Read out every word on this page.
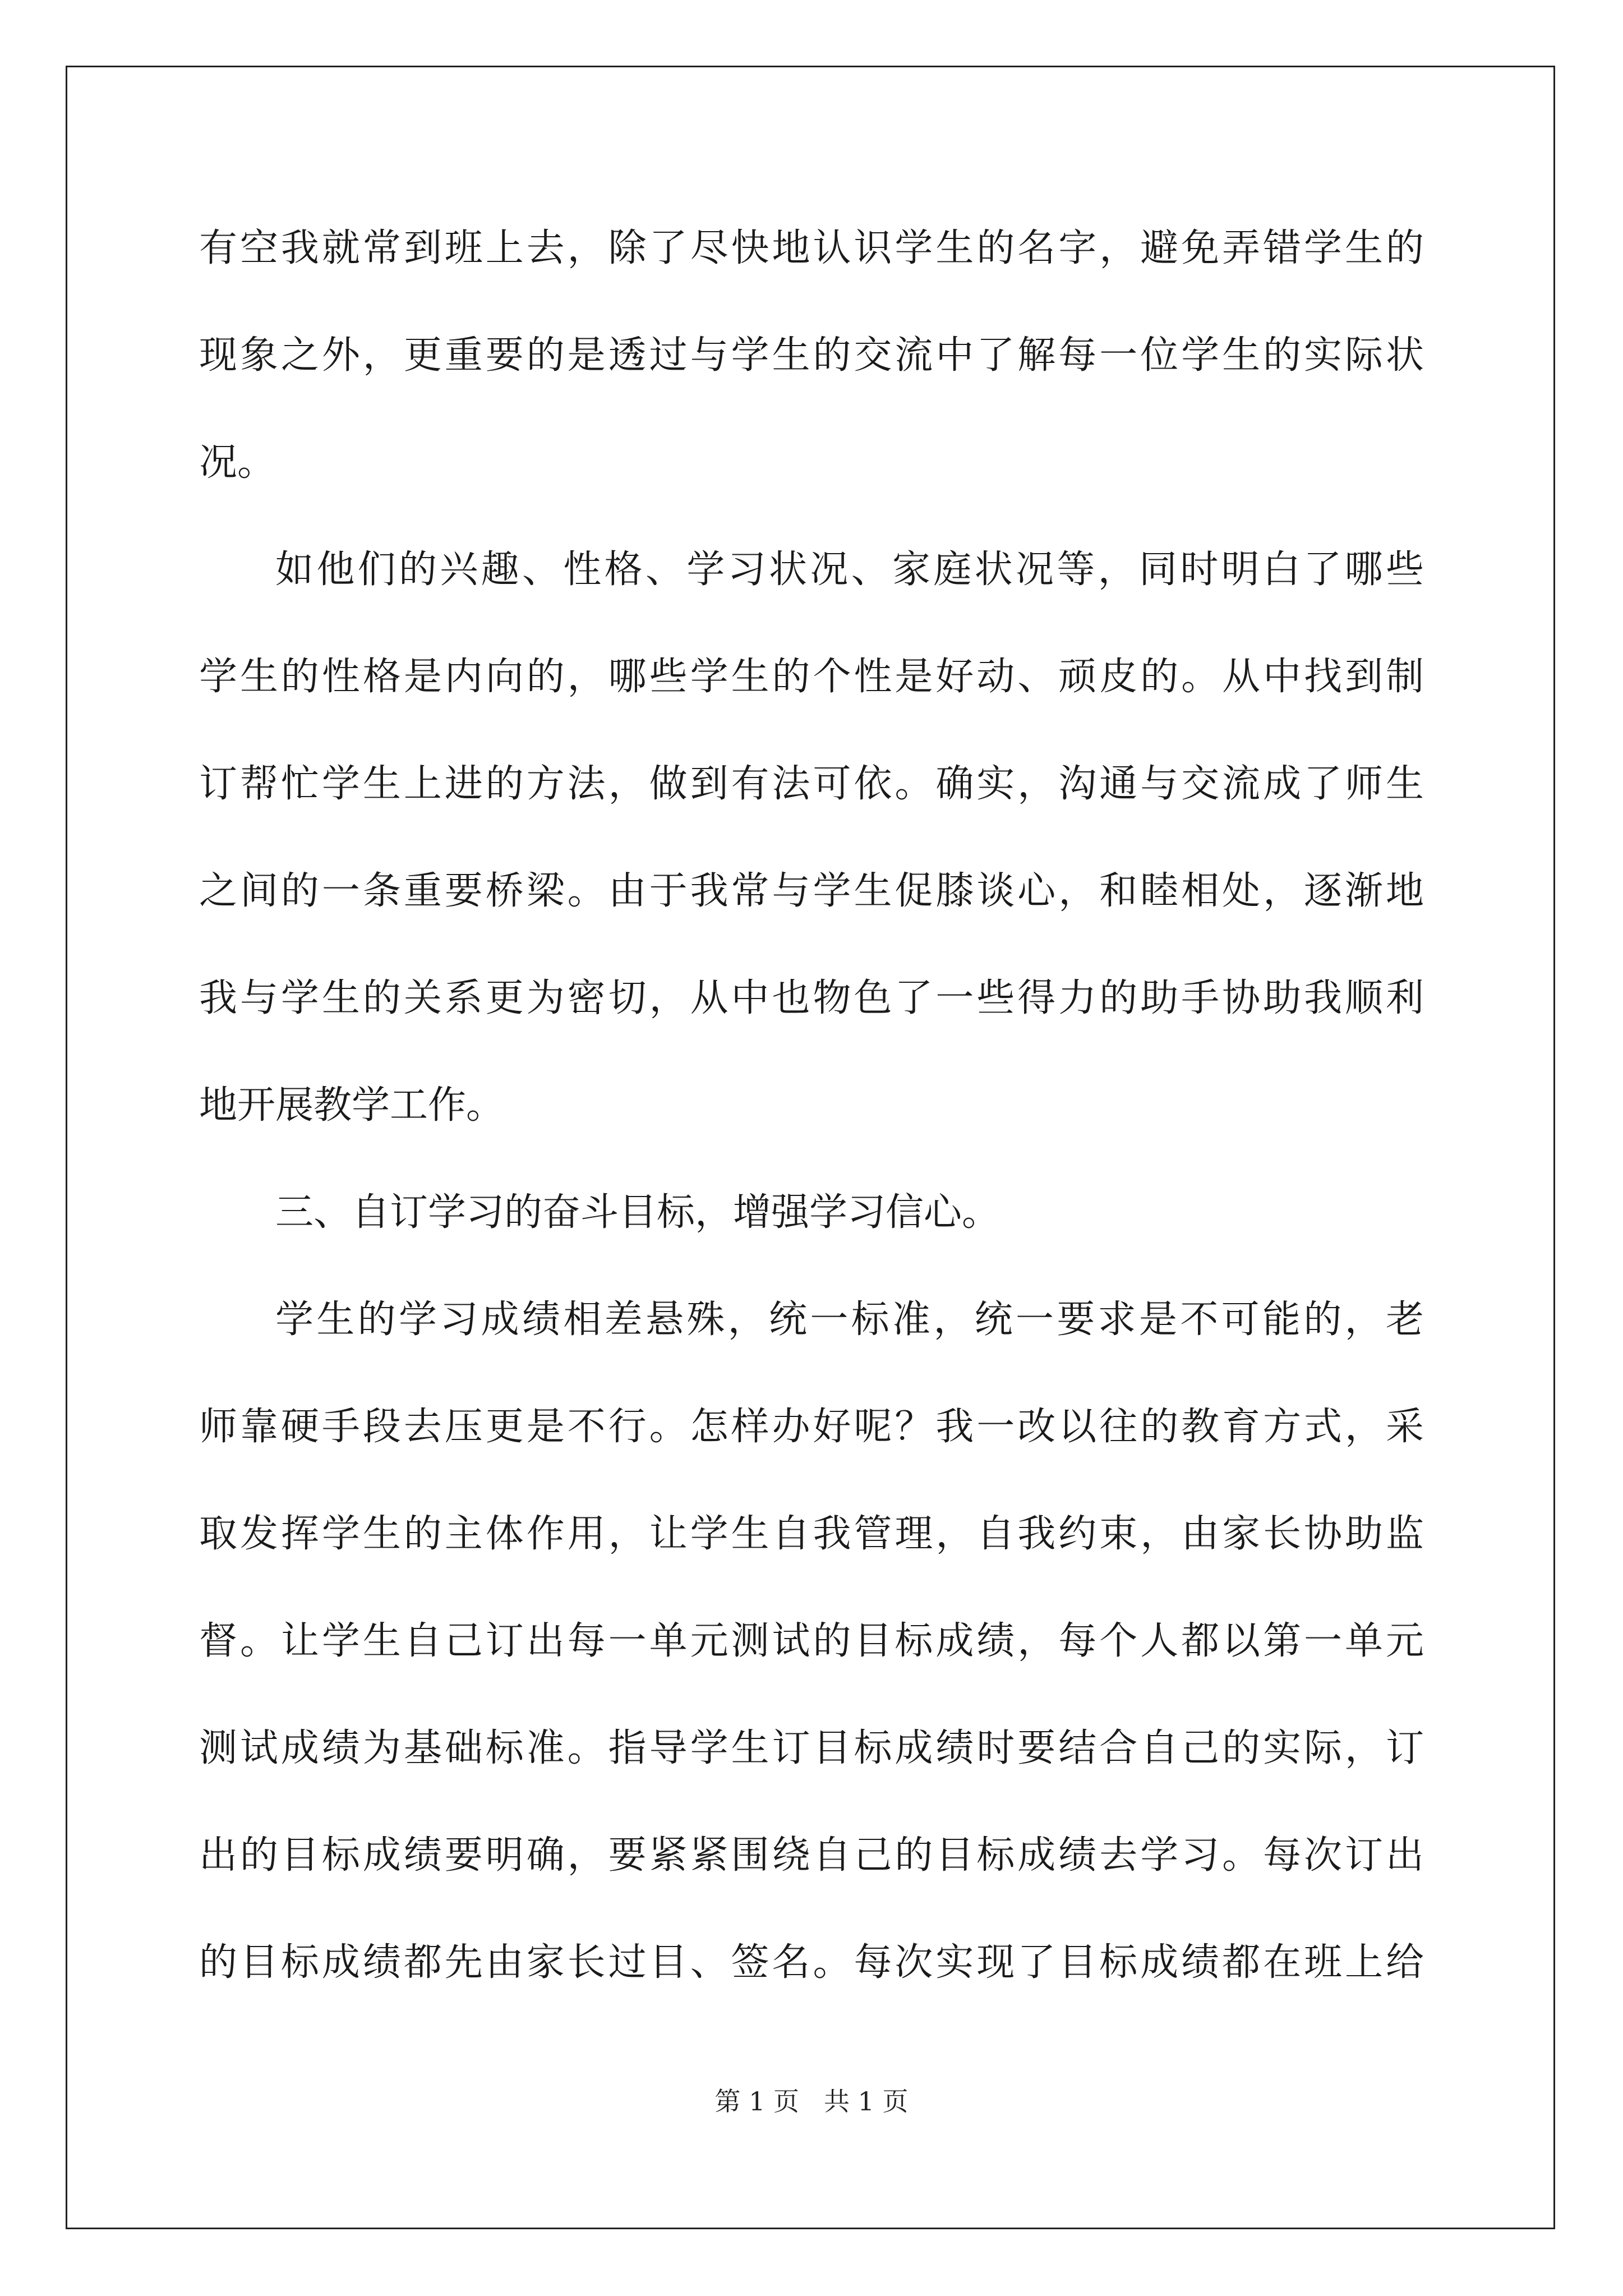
有空我就常到班上去，除了尽快地认识学生的名字，避免弄错学生的
现象之外，更重要的是透过与学生的交流中了解每一位学生的实际状
况。
如他们的兴趣、性格、学习状况、家庭状况等，同时明白了哪些
学生的性格是内向的，哪些学生的个性是好动、顽皮的。从中找到制
订帮忙学生上进的方法，做到有法可依。确实，沟通与交流成了师生
之间的一条重要桥梁。由于我常与学生促膝谈心，和睦相处，逐渐地
我与学生的关系更为密切，从中也物色了一些得力的助手协助我顺利
地开展教学工作。
三、自订学习的奋斗目标，增强学习信心。
学生的学习成绩相差悬殊，统一标准，统一要求是不可能的，老
师靠硬手段去压更是不行。怎样办好呢？我一改以往的教育方式，采
取发挥学生的主体作用，让学生自我管理，自我约束，由家长协助监
督。让学生自己订出每一单元测试的目标成绩，每个人都以第一单元
测试成绩为基础标准。指导学生订目标成绩时要结合自己的实际，订
出的目标成绩要明确，要紧紧围绕自己的目标成绩去学习。每次订出
的目标成绩都先由家长过目、签名。每次实现了目标成绩都在班上给
第 1 页 共 1 页
